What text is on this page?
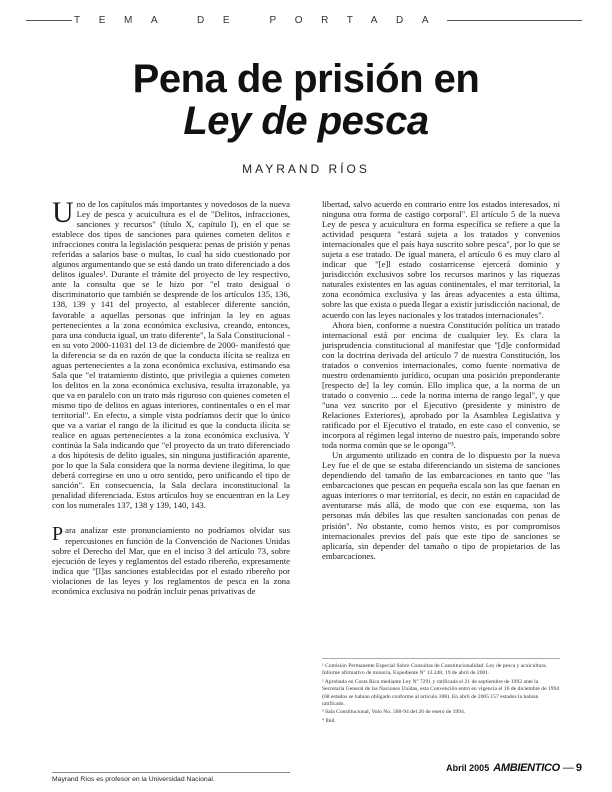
TEMA DE PORTADA
Pena de prisión en
Ley de pesca
MAYRAND RÍOS

Uno de los capítulos más importantes y novedosos de la nueva Ley de pesca y acuicultura es el de "Delitos, infracciones, sanciones y recursos" (título X, capítulo I), en el que se establece dos tipos de sanciones para quienes cometen delitos e infracciones contra la legislación pesquera: penas de prisión y penas referidas a salarios base o multas, lo cual ha sido cuestionado por algunos argumentando que se está dando un trato diferenciado a dos delitos iguales¹. Durante el trámite del proyecto de ley respectivo, ante la consulta que se le hizo por "el trato desigual o discriminatorio que también se desprende de los artículos 135, 136, 138, 139 y 141 del proyecto, al establecer diferente sanción, favorable a aquellas personas que infrinjan la ley en aguas pertenecientes a la zona económica exclusiva, creando, entonces, para una conducta igual, un trato diferente", la Sala Constitucional -en su voto 2000-11031 del 13 de diciembre de 2000- manifestó que la diferencia se da en razón de que la conducta ilícita se realiza en aguas pertenecientes a la zona económica exclusiva, estimando esa Sala que "el tratamiento distinto, que privilegia a quienes cometen los delitos en la zona económica exclusiva, resulta irrazonable, ya que va en paralelo con un trato más riguroso con quienes cometen el mismo tipo de delitos en aguas interiores, continentales o en el mar territorial". En efecto, a simple vista podríamos decir que lo único que va a variar el rango de la ilicitud es que la conducta ilícita se realice en aguas pertenecientes a la zona económica exclusiva. Y continúa la Sala indicando que "el proyecto da un trato diferenciado a dos hipótesis de delito iguales, sin ninguna justificación aparente, por lo que la Sala considera que la norma deviene ilegítima, lo que deberá corregirse en uno u otro sentido, pero unificando el tipo de sanción". En consecuencia, la Sala declara inconstitucional la penalidad diferenciada. Estos artículos hoy se encuentran en la Ley con los numerales 137, 138 y 139, 140, 143.

Para analizar este pronunciamiento no podríamos olvidar sus repercusiones en función de la Convención de Naciones Unidas sobre el Derecho del Mar, que en el inciso 3 del artículo 73, sobre ejecución de leyes y reglamentos del estado ribereño, expresamente indica que "[l]as sanciones establecidas por el estado ribereño por violaciones de las leyes y los reglamentos de pesca en la zona económica exclusiva no podrán incluir penas privativas de

libertad, salvo acuerdo en contrario entre los estados interesados, ni ninguna otra forma de castigo corporal". El artículo 5 de la nueva Ley de pesca y acuicultura en forma específica se refiere a que la actividad pesquera "estará sujeta a los tratados y convenios internacionales que el país haya suscrito sobre pesca", por lo que se sujeta a ese tratado. De igual manera, el artículo 6 es muy claro al indicar que "[e]l estado costarricense ejercerá dominio y jurisdicción exclusivos sobre los recursos marinos y las riquezas naturales existentes en las aguas continentales, el mar territorial, la zona económica exclusiva y las áreas adyacentes a esta última, sobre las que exista o pueda llegar a existir jurisdicción nacional, de acuerdo con las leyes nacionales y los tratados internacionales".

Ahora bien, conforme a nuestra Constitución política un tratado internacional está por encima de cualquier ley. Es clara la jurisprudencia constitucional al manifestar que "[d]e conformidad con la doctrina derivada del artículo 7 de nuestra Constitución, los tratados o convenios internacionales, como fuente normativa de nuestro ordenamiento jurídico, ocupan una posición preponderante [respecto de] la ley común. Ello implica que, a la norma de un tratado o convenio ... cede la norma interna de rango legal", y que "una vez suscrito por el Ejecutivo (presidente y ministro de Relaciones Exteriores), aprobado por la Asamblea Legislativa y ratificado por el Ejecutivo el tratado, en este caso el convenio, se incorpora al régimen legal interno de nuestro país, imperando sobre toda norma común que se le oponga"³.

Un argumento utilizado en contra de lo dispuesto por la nueva Ley fue el de que se estaba diferenciando un sistema de sanciones dependiendo del tamaño de las embarcaciones en tanto que "las embarcaciones que pescan en pequeña escala son las que faenan en aguas interiores o mar territorial, es decir, no están en capacidad de aventurarse más allá, de modo que con ese esquema, son las personas más débiles las que resulten sancionadas con penas de prisión". No obstante, como hemos visto, es por compromisos internacionales previos del país que este tipo de sanciones se aplicaría, sin depender del tamaño o tipo de propietarios de las embarcaciones.

¹ Comisión Permanente Especial Sobre Consultas de Constitucionalidad. Ley de pesca y acuicultura. Informe afirmativo de minoría, Expediente Nº 13.248, 19 de abril de 2001.

² Aprobada en Costa Rica mediante Ley Nº 7291 y ratificada el 21 de septiembre de 1992 ante la Secretaría General de las Naciones Unidas, esta Convención entró en vigencia el 16 de diciembre de 1994 (68 estados se habían obligado conforme al artículo 308). En abril de 2005 157 estados la habían ratificado.

³ Sala Constitucional, Voto No. 588-94 del 26 de enero de 1994.

⁴ Ibid.

Mayrand Ríos es profesor en la Universidad Nacional.
Abril 2005 AMBIENTICO — 9
